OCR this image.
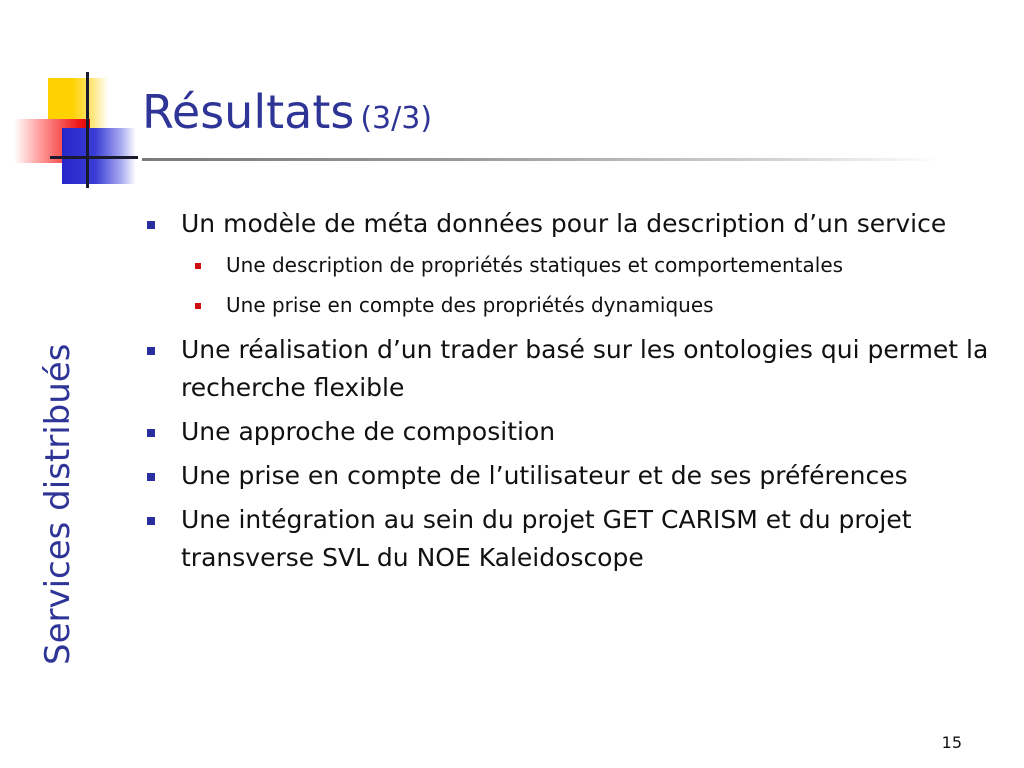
Résultats (3/3)
Services distribués
Un modèle de méta données pour la description d’un service
Une description de propriétés statiques et comportementales
Une prise en compte des propriétés dynamiques
Une réalisation d’un trader basé sur les ontologies qui permet la recherche flexible
Une approche de composition
Une prise en compte de l’utilisateur et de ses préférences
Une intégration au sein du projet GET CARISM et du projet transverse SVL du NOE Kaleidoscope
15
